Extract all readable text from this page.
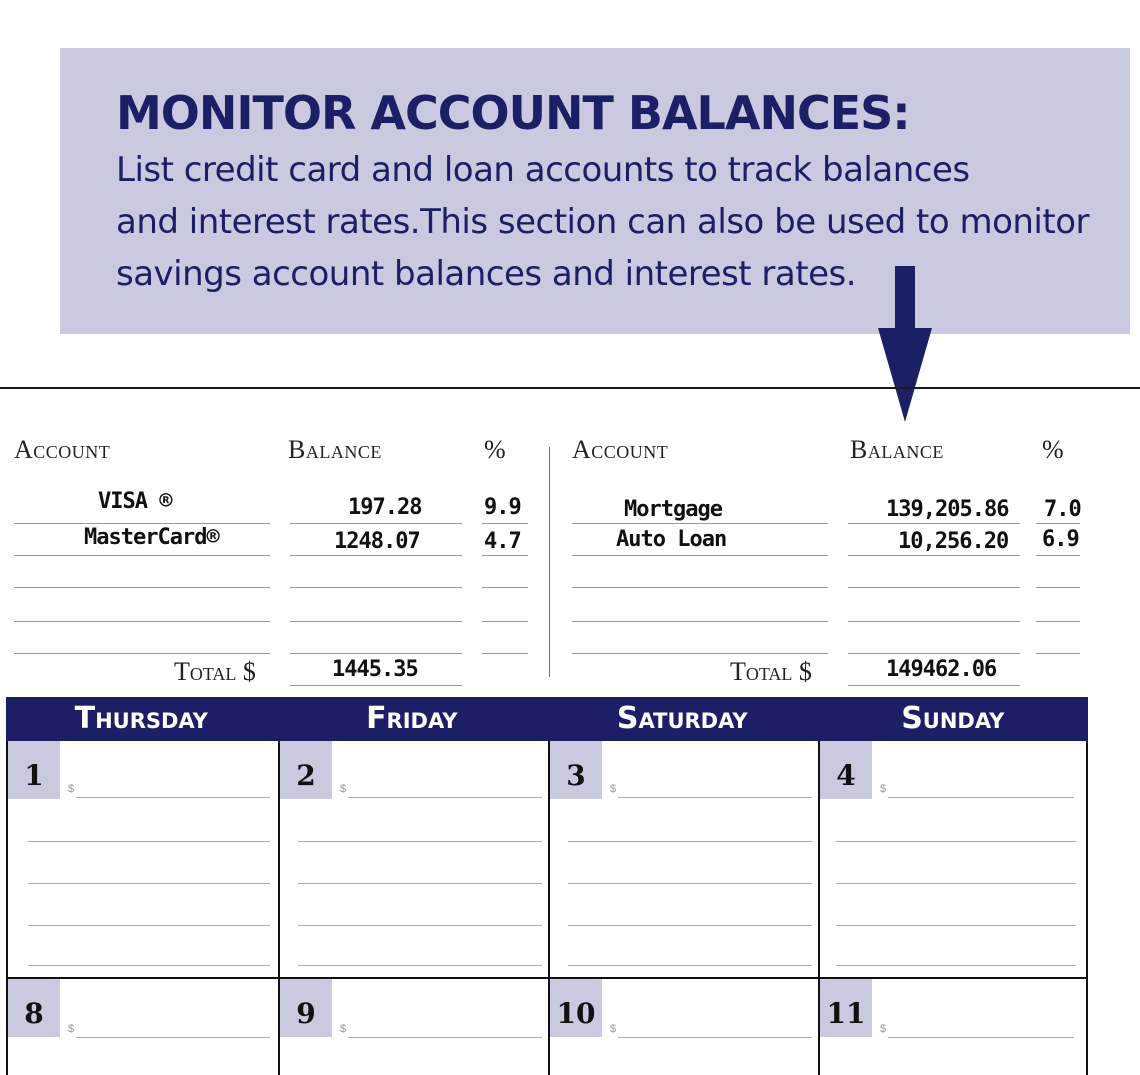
MONITOR ACCOUNT BALANCES:
List credit card and loan accounts to track balances
and interest rates.This section can also be used to monitor
savings account balances and interest rates.
Account	Balance	%
VISA ®	197.28	9.9
MasterCard®	1248.07	4.7
Total $	1445.35
Account	Balance	%
Mortgage	139,205.86 7.0
Auto Loan	10,256.20 6.9
Total $	149462.06
Thursday	Friday	Saturday	Sunday
1	2	3	4
$	$	$	$
8	9	10	11
$	$	$	$
